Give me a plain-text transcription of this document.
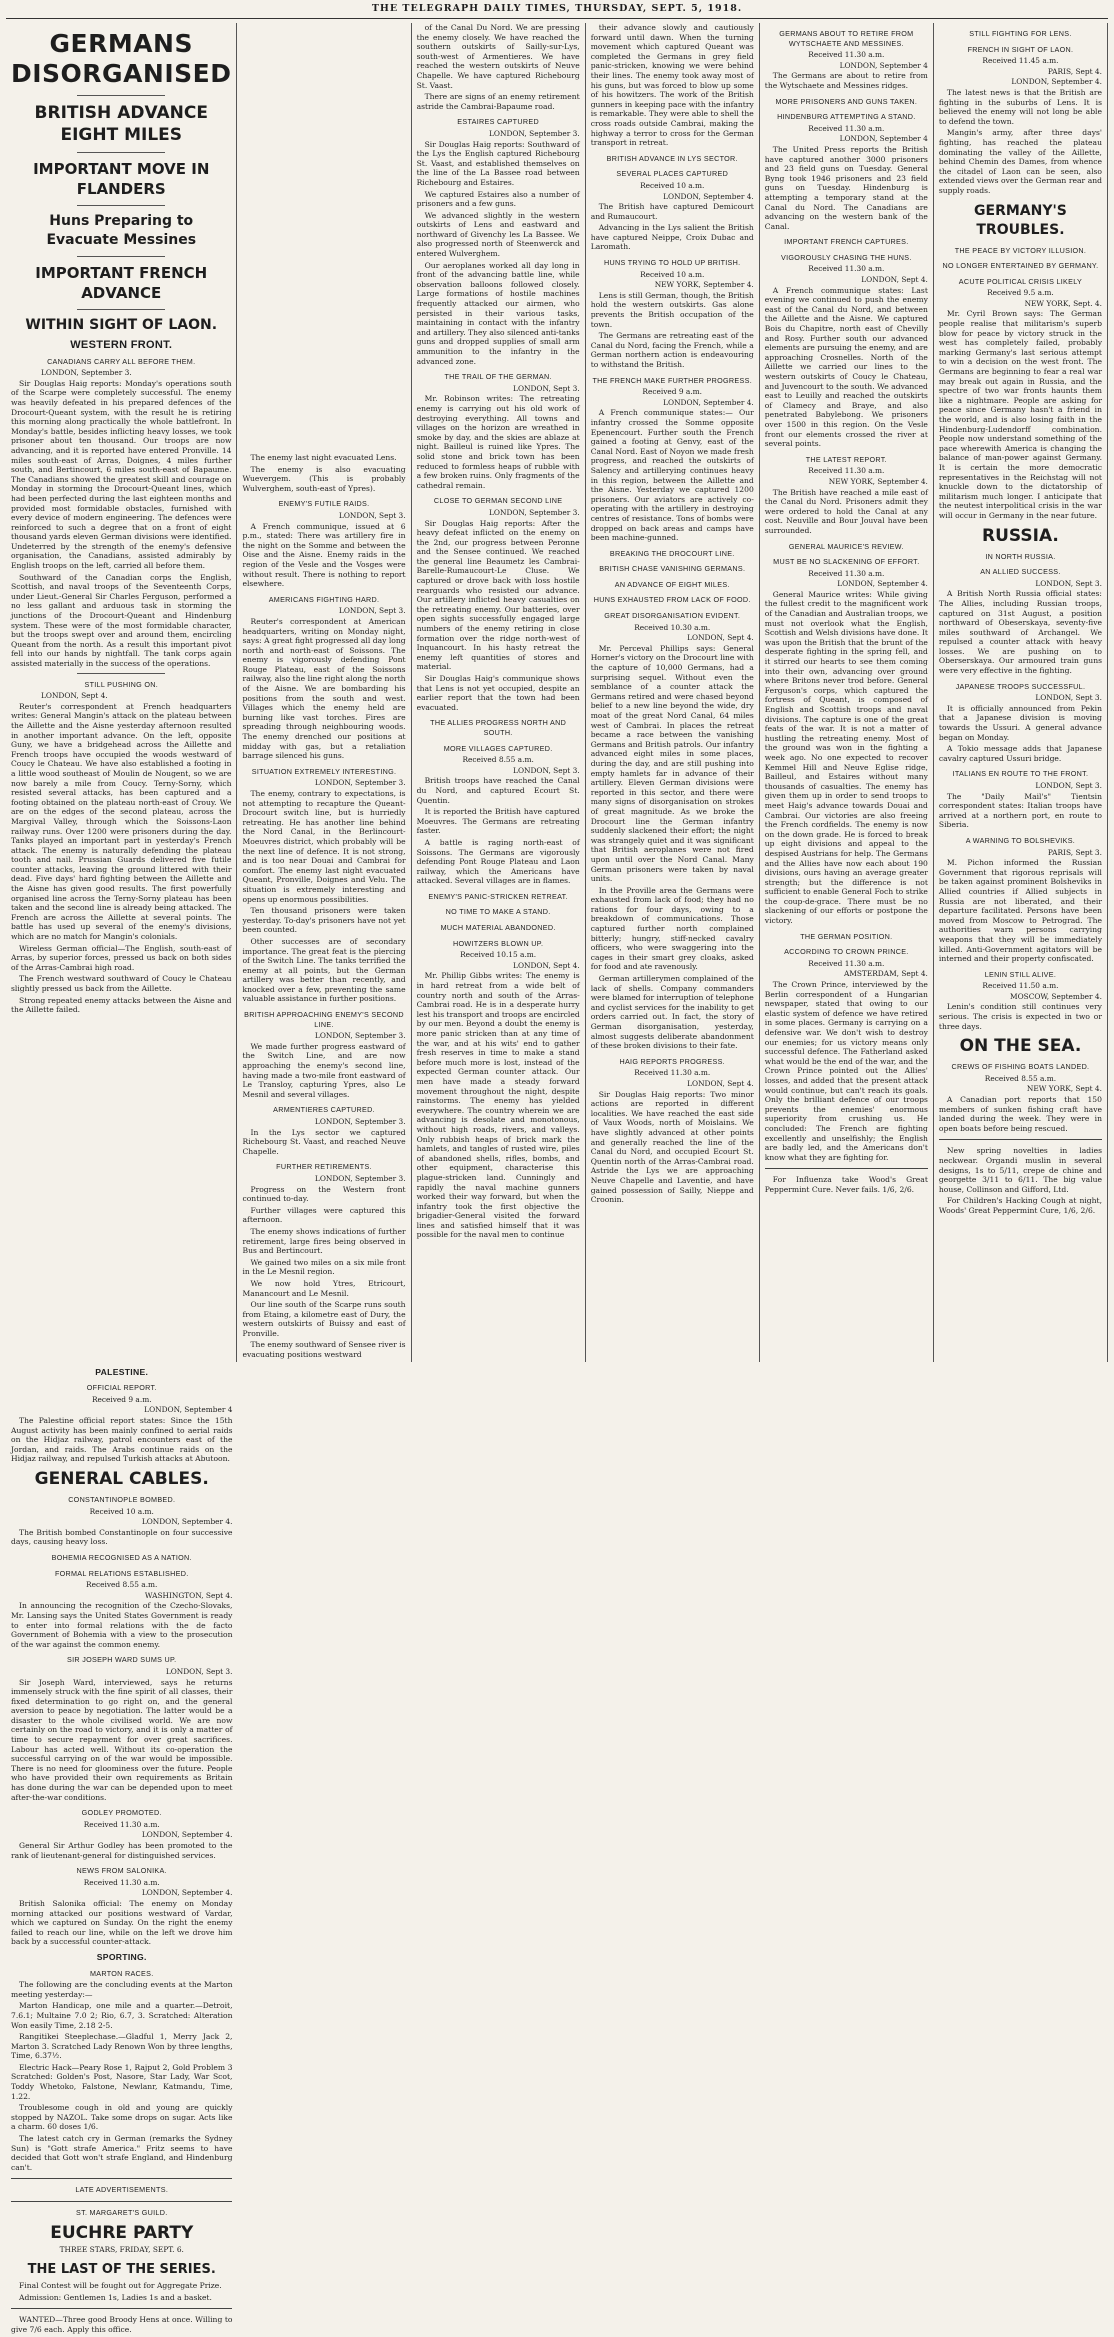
THE TELEGRAPH DAILY TIMES, THURSDAY, SEPT. 5, 1918.
GERMANS DISORGANISED
BRITISH ADVANCE EIGHT MILES
IMPORTANT MOVE IN FLANDERS
Huns Preparing to Evacuate Messines
IMPORTANT FRENCH ADVANCE
WITHIN SIGHT OF LAON.
WESTERN FRONT.
CANADIANS CARRY ALL BEFORE THEM.
LONDON, September 3.

Sir Douglas Haig reports: Monday's operations south of the Scarpe were completely successful. The enemy was heavily defeated in his prepared defences of the Drocourt-Queant system, with the result he is retiring this morning along practically the whole battlefront. In Monday's battle, besides inflicting heavy losses, we took prisoner about ten thousand. Our troops are now advancing, and it is reported have entered Pronville. 14 miles south-east of Arras, Doignes, 4 miles further south, and Bertincourt, 6 miles south-east of Bapaume. The Canadians showed the greatest skill and courage on Monday in storming the Drocourt-Queant lines, which had been perfected during the last eighteen months and provided most formidable obstacles, furnished with every device of modern engineering. The defences were reinforced to such a degree that on a front of eight thousand yards eleven German divisions were identified. Undeterred by the strength of the enemy's defensive organisation, the Canadians, assisted admirably by English troops on the left, carried all before them.

Southward of the Canadian corps the English, Scottish, and naval troops of the Seventeenth Corps, under Lieut.-General Sir Charles Ferguson, performed a no less gallant and arduous task in storming the junctions of the Drocourt-Queant and Hindenburg system. These were of the most formidable character, but the troops swept over and around them, encircling Queant from the north. As a result this important pivot fell into our hands by nightfall. The tank corps again assisted materially in the success of the operations.

STILL PUSHING ON.
LONDON, Sept 4.

Reuter's correspondent at French headquarters writes: General Mangin's attack on the plateau between the Aillette and the Aisne yesterday afternoon resulted in another important advance. On the left, opposite Guny, we have a bridgehead across the Aillette and French troops have occupied the woods westward of Coucy le Chateau. We have also established a footing in a little wood southeast of Moulin de Nougent, so we are now barely a mile from Coucy. Terny-Sorny, which resisted several attacks, has been captured and a footing obtained on the plateau north-east of Crouy. We are on the edges of the second plateau, across the Margival Valley, through which the Soissons-Laon railway runs. Over 1200 were prisoners during the day. Tanks played an important part in yesterday's French attack. The enemy is naturally defending the plateau tooth and nail. Prussian Guards delivered five futile counter attacks, leaving the ground littered with their dead. Five days' hard fighting between the Aillette and the Aisne has given good results. The first powerfully organised line across the Terny-Sorny plateau has been taken and the second line is already being attacked. The French are across the Aillette at several points. The battle has used up several of the enemy's divisions, which are no match for Mangin's colonials.

Wireless German official—The English, south-east of Arras, by superior forces, pressed us back on both sides of the Arras-Cambrai high road.

The French westward southward of Coucy le Chateau slightly pressed us back from the Aillette.

Strong repeated enemy attacks between the Aisne and the Aillette failed.

The enemy last night evacuated Lens.

The enemy is also evacuating Wuevergem. (This is probably Wulverghem, south-east of Ypres).

ENEMY'S FUTILE RAIDS.
LONDON, Sept 3.

A French communique, issued at 6 p.m., stated: There was artillery fire in the night on the Somme and between the Oise and the Aisne. Enemy raids in the region of the Vesle and the Vosges were without result. There is nothing to report elsewhere.

AMERICANS FIGHTING HARD.
LONDON, Sept 3.

Reuter's correspondent at American headquarters, writing on Monday night, says: A great fight progressed all day long north and north-east of Soissons. The enemy is vigorously defending Pont Rouge Plateau, east of the Soissons railway, also the line right along the north of the Aisne. We are bombarding his positions from the south and west. Villages which the enemy held are burning like vast torches. Fires are spreading through neighbouring woods. The enemy drenched our positions at midday with gas, but a retaliation barrage silenced his guns.

SITUATION EXTREMELY INTERESTING.
LONDON, September 3.

The enemy, contrary to expectations, is not attempting to recapture the Queant-Drocourt switch line, but is hurriedly retreating. He has another line behind the Nord Canal, in the Berlincourt-Moeuvres district, which probably will be the next line of defence. It is not strong, and is too near Douai and Cambrai for comfort. The enemy last night evacuated Queant, Pronville, Doignes and Velu. The situation is extremely interesting and opens up enormous possibilities.

Ten thousand prisoners were taken yesterday. To-day's prisoners have not yet been counted.

Other successes are of secondary importance. The great feat is the piercing of the Switch Line. The tanks terrified the enemy at all points, but the German artillery was better than recently, and knocked over a few, preventing the same valuable assistance in further positions.

BRITISH APPROACHING ENEMY'S SECOND LINE.
LONDON, September 3.

We made further progress eastward of the Switch Line, and are now approaching the enemy's second line, having made a two-mile front eastward of Le Transloy, capturing Ypres, also Le Mesnil and several villages.

ARMENTIERES CAPTURED.
LONDON, September 3.

In the Lys sector we captured Richebourg St. Vaast, and reached Neuve Chapelle.

FURTHER RETIREMENTS.
LONDON, September 3.

Progress on the Western front continued to-day.

Further villages were captured this afternoon.

The enemy shows indications of further retirement, large fires being observed in Bus and Bertincourt.

We gained two miles on a six mile front in the Le Mesnil region.

We now hold Ytres, Etricourt, Manancourt and Le Mesnil.

Our line south of the Scarpe runs south from Etaing, a kilometre east of Dury, the western outskirts of Buissy and east of Pronville.

The enemy southward of Sensee river is evacuating positions westward

of the Canal Du Nord. We are pressing the enemy closely. We have reached the southern outskirts of Sailly-sur-Lys, south-west of Armentieres. We have reached the western outskirts of Neuve Chapelle. We have captured Richebourg St. Vaast.

There are signs of an enemy retirement astride the Cambrai-Bapaume road.

ESTAIRES CAPTURED
LONDON, September 3.

Sir Douglas Haig reports: Southward of the Lys the English captured Richebourg St. Vaast, and established themselves on the line of the La Bassee road between Richebourg and Estaires.

We captured Estaires also a number of prisoners and a few guns.

We advanced slightly in the western outskirts of Lens and eastward and northward of Givenchy les La Bassee. We also progressed north of Steenwerck and entered Wulverghem.

Our aeroplanes worked all day long in front of the advancing battle line, while observation balloons followed closely. Large formations of hostile machines frequently attacked our airmen, who persisted in their various tasks, maintaining in contact with the infantry and artillery. They also silenced anti-tanks guns and dropped supplies of small arm ammunition to the infantry in the advanced zone.

THE TRAIL OF THE GERMAN.
LONDON, Sept 3.

Mr. Robinson writes: The retreating enemy is carrying out his old work of destroying everything. All towns and villages on the horizon are wreathed in smoke by day, and the skies are ablaze at night. Bailleul is ruined like Ypres. The solid stone and brick town has been reduced to formless heaps of rubble with a few broken ruins. Only fragments of the cathedral remain.

CLOSE TO GERMAN SECOND LINE
LONDON, September 3.

Sir Douglas Haig reports: After the heavy defeat inflicted on the enemy on the 2nd, our progress between Peronne and the Sensee continued. We reached the general line Beaumetz les Cambrai-Barelle-Rumaucourt-Le Cluse. We captured or drove back with loss hostile rearguards who resisted our advance. Our artillery inflicted heavy casualties on the retreating enemy. Our batteries, over open sights successfully engaged large numbers of the enemy retiring in close formation over the ridge north-west of Inquancourt. In his hasty retreat the enemy left quantities of stores and material.

Sir Douglas Haig's communique shows that Lens is not yet occupied, despite an earlier report that the town had been evacuated.

THE ALLIES PROGRESS NORTH AND SOUTH.
MORE VILLAGES CAPTURED.
Received 8.55 a.m.
LONDON, Sept 3.

British troops have reached the Canal du Nord, and captured Ecourt St. Quentin.

It is reported the British have captured Moeuvres. The Germans are retreating faster.

A battle is raging north-east of Soissons. The Germans are vigorously defending Pont Rouge Plateau and Laon railway, which the Americans have attacked. Several villages are in flames.

ENEMY'S PANIC-STRICKEN RETREAT.
NO TIME TO MAKE A STAND.
MUCH MATERIAL ABANDONED.
HOWITZERS BLOWN UP.
Received 10.15 a.m.
LONDON, Sept 4.

Mr. Phillip Gibbs writes: The enemy is in hard retreat from a wide belt of country north and south of the Arras-Cambrai road. He is in a desperate hurry lest his transport and troops are encircled by our men. Beyond a doubt the enemy is more panic stricken than at any time of the war, and at his wits' end to gather fresh reserves in time to make a stand before much more is lost, instead of the expected German counter attack. Our men have made a steady forward movement throughout the night, despite rainstorms. The enemy has yielded everywhere. The country wherein we are advancing is desolate and monotonous, without high roads, rivers, and valleys. Only rubbish heaps of brick mark the hamlets, and tangles of rusted wire, piles of abandoned shells, rifles, bombs, and other equipment, characterise this plague-stricken land. Cunningly and rapidly the naval machine gunners worked their way forward, but when the infantry took the first objective the brigadier-General visited the forward lines and satisfied himself that it was possible for the naval men to continue

their advance slowly and cautiously forward until dawn. When the turning movement which captured Queant was completed the Germans in grey field panic-stricken, knowing we were behind their lines. The enemy took away most of his guns, but was forced to blow up some of his howitzers. The work of the British gunners in keeping pace with the infantry is remarkable. They were able to shell the cross roads outside Cambrai, making the highway a terror to cross for the German transport in retreat.

BRITISH ADVANCE IN LYS SECTOR.
SEVERAL PLACES CAPTURED
Received 10 a.m.
LONDON, September 4.

The British have captured Demicourt and Rumaucourt.

Advancing in the Lys salient the British have captured Neippe, Croix Dubac and Laromath.

HUNS TRYING TO HOLD UP BRITISH.
Received 10 a.m.
NEW YORK, September 4.

Lens is still German, though, the British hold the western outskirts. Gas alone prevents the British occupation of the town.

The Germans are retreating east of the Canal du Nord, facing the French, while a German northern action is endeavouring to withstand the British.

THE FRENCH MAKE FURTHER PROGRESS.
Received 9 a.m.
LONDON, September 4.

A French communique states:— Our infantry crossed the Somme opposite Epenencourt. Further south the French gained a footing at Genvy, east of the Canal Nord. East of Noyon we made fresh progress, and reached the outskirts of Salency and artillerying continues heavy in this region, between the Aillette and the Aisne. Yesterday we captured 1200 prisoners. Our aviators are actively co-operating with the artillery in destroying centres of resistance. Tons of bombs were dropped on back areas and camps have been machine-gunned.

BREAKING THE DROCOURT LINE.
BRITISH CHASE VANISHING GERMANS.
AN ADVANCE OF EIGHT MILES.
HUNS EXHAUSTED FROM LACK OF FOOD.
GREAT DISORGANISATION EVIDENT.
Received 10.30 a.m.
LONDON, Sept 4.

Mr. Perceval Phillips says: General Horner's victory on the Drocourt line with the capture of 10,000 Germans, had a surprising sequel. Without even the semblance of a counter attack the Germans retired and were chased beyond belief to a new line beyond the wide, dry moat of the great Nord Canal, 64 miles west of Cambrai. In places the retreat became a race between the vanishing Germans and British patrols. Our infantry advanced eight miles in some places, during the day, and are still pushing into empty hamlets far in advance of their artillery. Eleven German divisions were reported in this sector, and there were many signs of disorganisation on strokes of great magnitude. As we broke the Drocourt line the German infantry suddenly slackened their effort; the night was strangely quiet and it was significant that British aeroplanes were not fired upon until over the Nord Canal. Many German prisoners were taken by naval units.

In the Proville area the Germans were exhausted from lack of food; they had no rations for four days, owing to a breakdown of communications. Those captured further north complained bitterly; hungry, stiff-necked cavalry officers, who were swaggering into the cages in their smart grey cloaks, asked for food and ate ravenously.

German artillerymen complained of the lack of shells. Company commanders were blamed for interruption of telephone and cyclist services for the inability to get orders carried out. In fact, the story of German disorganisation, yesterday, almost suggests deliberate abandonment of these broken divisions to their fate.

HAIG REPORTS PROGRESS.
Received 11.30 a.m.
LONDON, Sept 4.

Sir Douglas Haig reports: Two minor actions are reported in different localities. We have reached the east side of Vaux Woods, north of Moislains. We have slightly advanced at other points and generally reached the line of the Canal du Nord, and occupied Ecourt St. Quentin north of the Arras-Cambrai road. Astride the Lys we are approaching Neuve Chapelle and Laventie, and have gained possession of Sailly, Nieppe and Croonin.

GERMANS ABOUT TO RETIRE FROM WYTSCHAETE AND MESSINES.
Received 11.30 a.m.
LONDON, September 4

The Germans are about to retire from the Wytschaete and Messines ridges.

MORE PRISONERS AND GUNS TAKEN.
HINDENBURG ATTEMPTING A STAND.
Received 11.30 a.m.
LONDON, September 4

The United Press reports the British have captured another 3000 prisoners and 23 field guns on Tuesday. General Byng took 1946 prisoners and 23 field guns on Tuesday. Hindenburg is attempting a temporary stand at the Canal du Nord. The Canadians are advancing on the western bank of the Canal.

IMPORTANT FRENCH CAPTURES.
VIGOROUSLY CHASING THE HUNS.
Received 11.30 a.m.
LONDON, Sept 4.

A French communique states: Last evening we continued to push the enemy east of the Canal du Nord, and between the Aillette and the Aisne. We captured Bois du Chapitre, north east of Chevilly and Rosy. Further south our advanced elements are pursuing the enemy, and are approaching Crosnelles. North of the Aillette we carried our lines to the western outskirts of Coucy le Chateau, and Juvencourt to the south. We advanced east to Leuilly and reached the outskirts of Clamecy and Braye, and also penetrated Babylebong. We prisoners over 1500 in this region. On the Vesle front our elements crossed the river at several points.

THE LATEST REPORT.
Received 11.30 a.m.
NEW YORK, September 4.

The British have reached a mile east of the Canal du Nord. Prisoners admit they were ordered to hold the Canal at any cost. Neuville and Bour Jouval have been surrounded.

GENERAL MAURICE'S REVIEW.
MUST BE NO SLACKENING OF EFFORT.
Received 11.30 a.m.
LONDON, September 4.

General Maurice writes: While giving the fullest credit to the magnificent work of the Canadian and Australian troops, we must not overlook what the English, Scottish and Welsh divisions have done. It was upon the British that the brunt of the desperate fighting in the spring fell, and it stirred our hearts to see them coming into their own, advancing over ground where Britons never trod before. General Ferguson's corps, which captured the fortress of Queant, is composed of English and Scottish troops and naval divisions. The capture is one of the great feats of the war. It is not a matter of hustling the retreating enemy. Most of the ground was won in the fighting a week ago. No one expected to recover Kemmel Hill and Neuve Eglise ridge, Bailleul, and Estaires without many thousands of casualties. The enemy has given them up in order to send troops to meet Haig's advance towards Douai and Cambrai. Our victories are also freeing the French cordfields. The enemy is now on the down grade. He is forced to break up eight divisions and appeal to the despised Austrians for help. The Germans and the Allies have now each about 190 divisions, ours having an average greater strength; but the difference is not sufficient to enable General Foch to strike the coup-de-grace. There must be no slackening of our efforts or postpone the victory.

THE GERMAN POSITION.
ACCORDING TO CROWN PRINCE.
Received 11.30 a.m.
AMSTERDAM, Sept 4.

The Crown Prince, interviewed by the Berlin correspondent of a Hungarian newspaper, stated that owing to our elastic system of defence we have retired in some places. Germany is carrying on a defensive war. We don't wish to destroy our enemies; for us victory means only successful defence. The Fatherland asked what would be the end of the war, and the Crown Prince pointed out the Allies' losses, and added that the present attack would continue, but can't reach its goals. Only the brilliant defence of our troops prevents the enemies' enormous superiority from crushing us. He concluded: The French are fighting excellently and unselfishly; the English are badly led, and the Americans don't know what they are fighting for.

For Influenza take Wood's Great Peppermint Cure. Never fails. 1/6, 2/6.

STILL FIGHTING FOR LENS.
FRENCH IN SIGHT OF LAON.
Received 11.45 a.m.
PARIS, Sept 4.
LONDON, September 4.

The latest news is that the British are fighting in the suburbs of Lens. It is believed the enemy will not long be able to defend the town.

Mangin's army, after three days' fighting, has reached the plateau dominating the valley of the Aillette, behind Chemin des Dames, from whence the citadel of Laon can be seen, also extended views over the German rear and supply roads.

GERMANY'S TROUBLES.
THE PEACE BY VICTORY ILLUSION.
NO LONGER ENTERTAINED BY GERMANY.
ACUTE POLITICAL CRISIS LIKELY
Received 9.5 a.m.
NEW YORK, Sept. 4.

Mr. Cyril Brown says: The German people realise that militarism's superb blow for peace by victory struck in the west has completely failed, probably marking Germany's last serious attempt to win a decision on the west front. The Germans are beginning to fear a real war may break out again in Russia, and the spectre of two war fronts haunts them like a nightmare. People are asking for peace since Germany hasn't a friend in the world, and is also losing faith in the Hindenburg-Ludendorff combination. People now understand something of the pace wherewith America is changing the balance of man-power against Germany. It is certain the more democratic representatives in the Reichstag will not knuckle down to the dictatorship of militarism much longer. I anticipate that the neutest interpolitical crisis in the war will occur in Germany in the near future.

RUSSIA.
IN NORTH RUSSIA.
AN ALLIED SUCCESS.
LONDON, Sept 3.

A British North Russia official states: The Allies, including Russian troops, captured on 31st August, a position northward of Obeserskaya, seventy-five miles southward of Archangel. We repulsed a counter attack with heavy losses. We are pushing on to Oberserskaya. Our armoured train guns were very effective in the fighting.

JAPANESE TROOPS SUCCESSFUL.
LONDON, Sept 3.

It is officially announced from Pekin that a Japanese division is moving towards the Ussuri. A general advance began on Monday.

A Tokio message adds that Japanese cavalry captured Ussuri bridge.

ITALIANS EN ROUTE TO THE FRONT.
LONDON, Sept 3.

The "Daily Mail's" Tientsin correspondent states: Italian troops have arrived at a northern port, en route to Siberia.

A WARNING TO BOLSHEVIKS.
PARIS, Sept 3.

M. Pichon informed the Russian Government that rigorous reprisals will be taken against prominent Bolsheviks in Allied countries if Allied subjects in Russia are not liberated, and their departure facilitated. Persons have been moved from Moscow to Petrograd. The authorities warn persons carrying weapons that they will be immediately killed. Anti-Government agitators will be interned and their property confiscated.

LENIN STILL ALIVE.
Received 11.50 a.m.
MOSCOW, September 4.

Lenin's condition still continues very serious. The crisis is expected in two or three days.

ON THE SEA.
CREWS OF FISHING BOATS LANDED.
Received 8.55 a.m.
NEW YORK, Sept 4.

A Canadian port reports that 150 members of sunken fishing craft have landed during the week. They were in open boats before being rescued.

New spring novelties in ladies neckwear. Organdi muslin in several designs, 1s to 5/11, crepe de chine and georgette 3/11 to 6/11. The big value house, Collinson and Gifford, Ltd.

For Children's Hacking Cough at night, Woods' Great Peppermint Cure, 1/6, 2/6.

PALESTINE.
OFFICIAL REPORT.
Received 9 a.m.
LONDON, September 4

The Palestine official report states: Since the 15th August activity has been mainly confined to aerial raids on the Hidjaz railway, patrol encounters east of the Jordan, and raids. The Arabs continue raids on the Hidjaz railway, and repulsed Turkish attacks at Abutoon.

GENERAL CABLES.
CONSTANTINOPLE BOMBED.
Received 10 a.m.
LONDON, September 4.

The British bombed Constantinople on four successive days, causing heavy loss.

BOHEMIA RECOGNISED AS A NATION.
FORMAL RELATIONS ESTABLISHED.
Received 8.55 a.m.
WASHINGTON, Sept 4.

In announcing the recognition of the Czecho-Slovaks, Mr. Lansing says the United States Government is ready to enter into formal relations with the de facto Government of Bohemia with a view to the prosecution of the war against the common enemy.

SIR JOSEPH WARD SUMS UP.
LONDON, Sept 3.

Sir Joseph Ward, interviewed, says he returns immensely struck with the fine spirit of all classes, their fixed determination to go right on, and the general aversion to peace by negotiation. The latter would be a disaster to the whole civilised world. We are now certainly on the road to victory, and it is only a matter of time to secure repayment for over great sacrifices. Labour has acted well. Without its co-operation the successful carrying on of the war would be impossible. There is no need for gloominess over the future. People who have provided their own requirements as Britain has done during the war can be depended upon to meet after-the-war conditions.

GODLEY PROMOTED.
Received 11.30 a.m.
LONDON, September 4.

General Sir Arthur Godley has been promoted to the rank of lieutenant-general for distinguished services.

NEWS FROM SALONIKA.
Received 11.30 a.m.
LONDON, September 4.

British Salonika official: The enemy on Monday morning attacked our positions westward of Vardar, which we captured on Sunday. On the right the enemy failed to reach our line, while on the left we drove him back by a successful counter-attack.

SPORTING.
MARTON RACES.

The following are the concluding events at the Marton meeting yesterday:—

Marton Handicap, one mile and a quarter.—Detroit, 7.6.1; Multaine 7.0 2; Rio, 6.7, 3. Scratched: Alteration Won easily Time, 2.18 2-5.

Rangitikei Steeplechase.—Gladful 1, Merry Jack 2, Marton 3. Scratched Lady Renown Won by three lengths, Time, 6.37½.

Electric Hack—Peary Rose 1, Rajput 2, Gold Problem 3 Scratched: Golden's Post, Nasore, Star Lady, War Scot, Toddy Whetoko, Falstone, Newlanr, Katmandu, Time, 1.22.

Troublesome cough in old and young are quickly stopped by NAZOL. Take some drops on sugar. Acts like a charm. 60 doses 1/6.

The latest catch cry in German (remarks the Sydney Sun) is "Gott strafe America." Fritz seems to have decided that Gott won't strafe England, and Hindenburg can't.

LATE ADVERTISEMENTS.
ST. MARGARET'S GUILD.
EUCHRE PARTY
THREE STARS, FRIDAY, SEPT. 6.
THE LAST OF THE SERIES.

Final Contest will be fought out for Aggregate Prize.

Admission: Gentlemen 1s, Ladies 1s and a basket.

WANTED—Three good Broody Hens at once. Willing to give 7/6 each. Apply this office.
